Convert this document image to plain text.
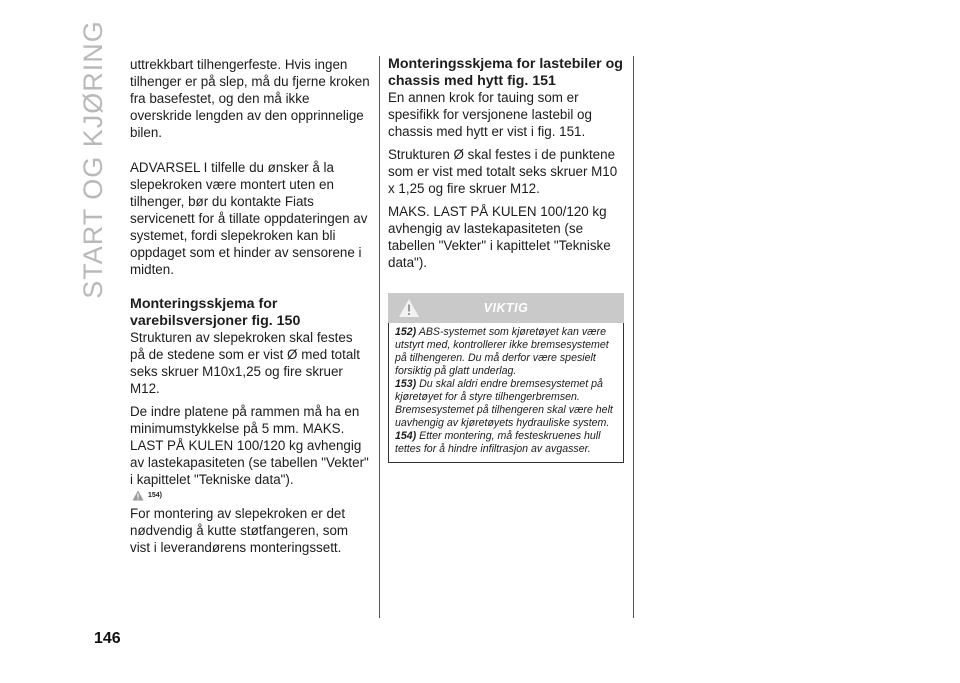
START OG KJØRING uttrekkbart tilhengerfeste. Hvis ingen tilhenger er på slep, må du fjerne kroken fra basefestet, og den må ikke overskride lengden av den opprinnelige bilen.

ADVARSEL I tilfelle du ønsker å la slepekroken være montert uten en tilhenger, bør du kontakte Fiats servicenett for å tillate oppdateringen av systemet, fordi slepekroken kan bli oppdaget som et hinder av sensorene i midten.

Monteringsskjema for varebilsversjoner fig. 150

Strukturen av slepekroken skal festes på de stedene som er vist Ø med totalt seks skruer M10x1,25 og fire skruer M12.

De indre platene på rammen må ha en minimumstykkelse på 5 mm. MAKS. LAST PÅ KULEN 100/120 kg avhengig av lastekapasiteten (se tabellen "Vekter" i kapittelet "Tekniske data").

154)

For montering av slepekroken er det nødvendig å kutte støtfangeren, som vist i leverandørens monteringssett.

Monteringsskjema for lastebiler og chassis med hytt fig. 151

En annen krok for tauing som er spesifikk for versjonene lastebil og chassis med hytt er vist i fig. 151.

Strukturen Ø skal festes i de punktene som er vist med totalt seks skruer M10 x 1,25 og fire skruer M12.

MAKS. LAST PÅ KULEN 100/120 kg avhengig av lastekapasiteten (se tabellen "Vekter" i kapittelet "Tekniske data").

VIKTIG

152) ABS-systemet som kjøretøyet kan være utstyrt med, kontrollerer ikke bremsesystemet på tilhengeren. Du må derfor være spesielt forsiktig på glatt underlag.

153) Du skal aldri endre bremsesystemet på kjøretøyet for å styre tilhengerbremsen. Bremsesystemet på tilhengeren skal være helt uavhengig av kjøretøyets hydrauliske system.

154) Etter montering, må festeskruenes hull tettes for å hindre infiltrasjon av avgasser.

146
